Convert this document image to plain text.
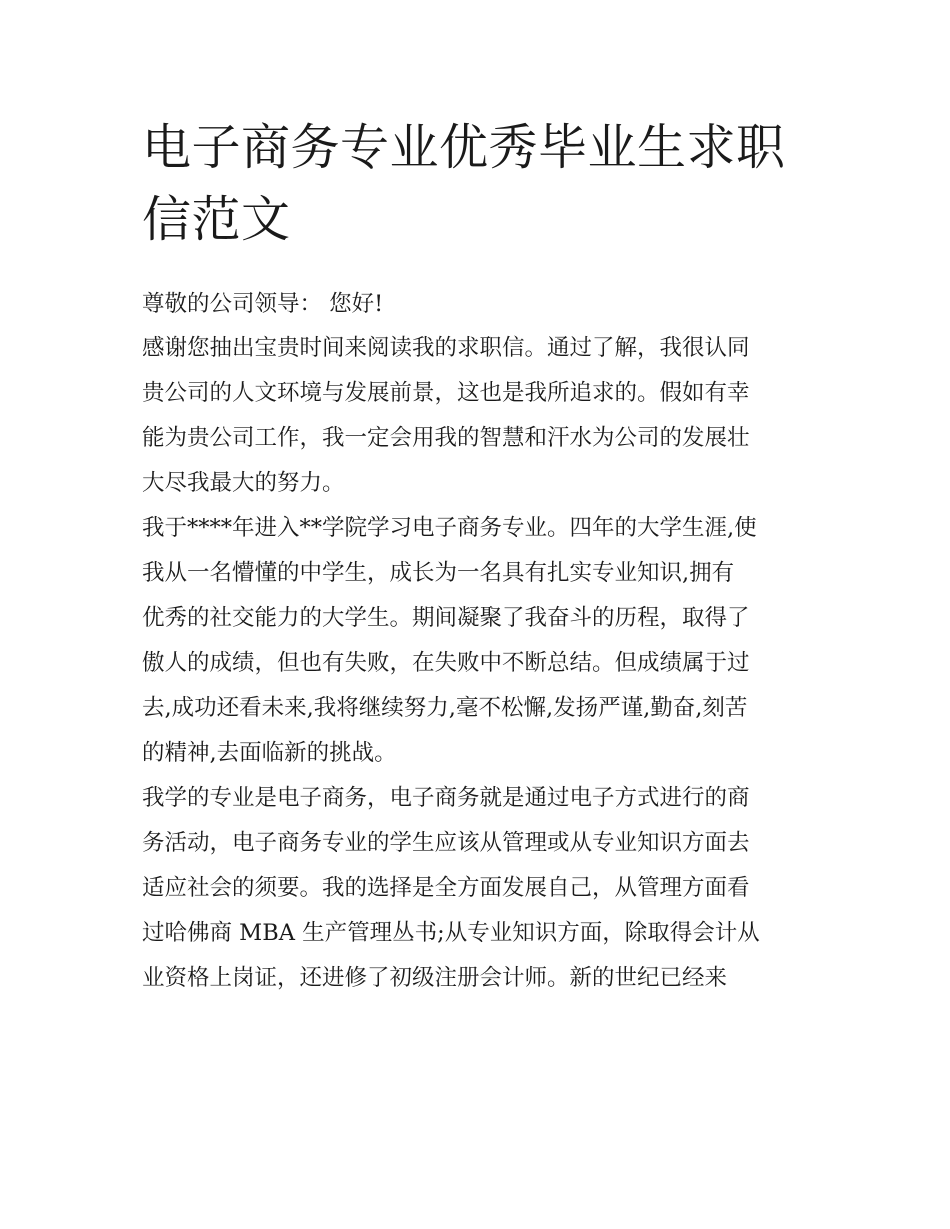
电子商务专业优秀毕业生求职
信范文

尊敬的公司领导： 您好!

感谢您抽出宝贵时间来阅读我的求职信。通过了解，我很认同
贵公司的人文环境与发展前景，这也是我所追求的。假如有幸
能为贵公司工作，我一定会用我的智慧和汗水为公司的发展壮
大尽我最大的努力。

我于****年进入**学院学习电子商务专业。四年的大学生涯,使
我从一名懵懂的中学生，成长为一名具有扎实专业知识,拥有
优秀的社交能力的大学生。期间凝聚了我奋斗的历程，取得了
傲人的成绩，但也有失败，在失败中不断总结。但成绩属于过
去,成功还看未来,我将继续努力,毫不松懈,发扬严谨,勤奋,刻苦
的精神,去面临新的挑战。

我学的专业是电子商务，电子商务就是通过电子方式进行的商
务活动，电子商务专业的学生应该从管理或从专业知识方面去
适应社会的须要。我的选择是全方面发展自己，从管理方面看
过哈佛商 MBA 生产管理丛书;从专业知识方面，除取得会计从
业资格上岗证，还进修了初级注册会计师。新的世纪已经来
